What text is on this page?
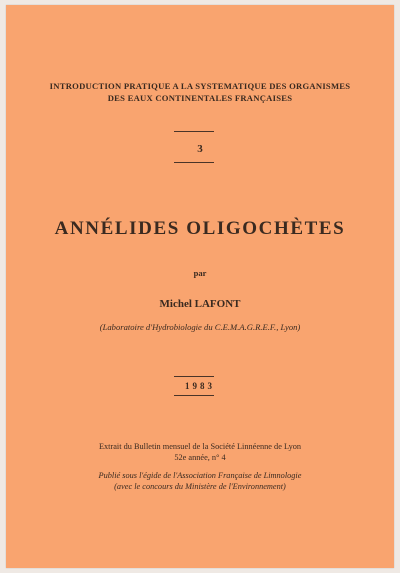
INTRODUCTION PRATIQUE A LA SYSTEMATIQUE DES ORGANISMES
DES EAUX CONTINENTALES FRANÇAISES
3
ANNÉLIDES OLIGOCHÈTES
par
Michel LAFONT
(Laboratoire d'Hydrobiologie du C.E.M.A.G.R.E.F., Lyon)
1983
Extrait du Bulletin mensuel de la Société Linnéenne de Lyon
52e année, n° 4
Publié sous l'égide de l'Association Française de Limnologie
(avec le concours du Ministère de l'Environnement)
